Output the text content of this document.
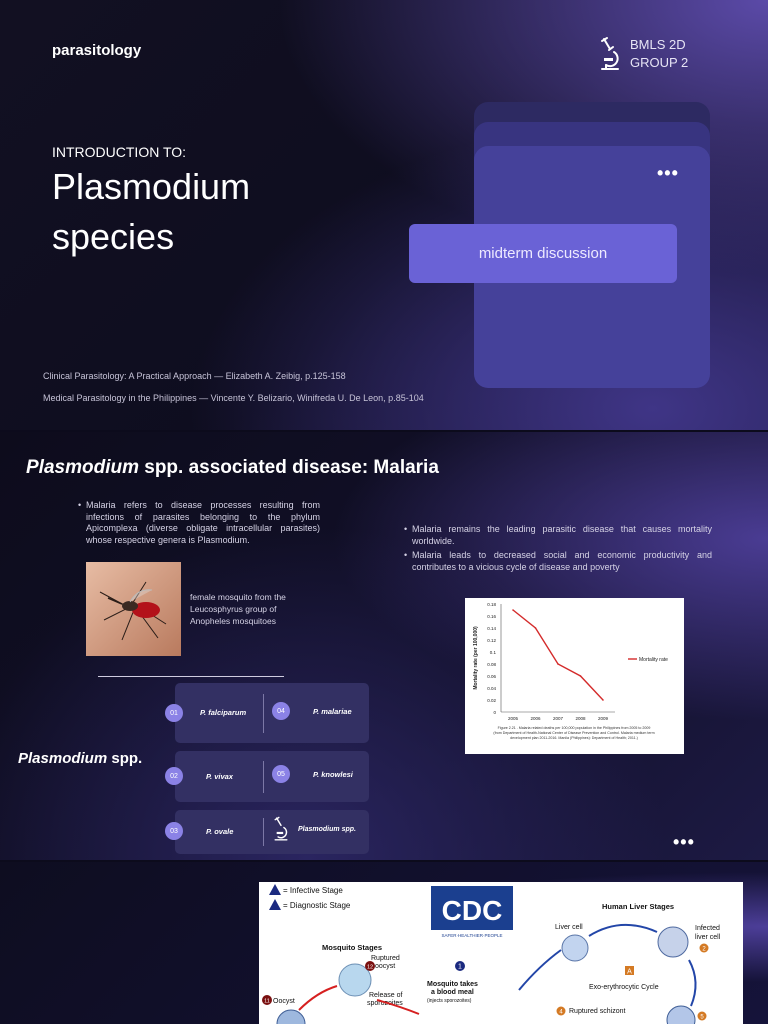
parasitology	BMLS 2D
GROUP 2
INTRODUCTION TO:
Plasmodium
species
•••
midterm discussion
Clinical Parasitology: A Practical Approach — Elizabeth A. Zeibig, p.125-158
Medical Parasitology in the Philippines — Vincente Y. Belizario, Winifreda U. De Leon, p.85-104
Plasmodium spp. associated disease: Malaria
• Malaria refers to disease processes resulting from infections of parasites belonging to the phylum Apicomplexa (diverse obligate intracellular parasites) whose respective genera is Plasmodium.
female mosquito from the
Leucosphyrus group of
Anopheles mosquitoes
• Malaria remains the leading parasitic disease that causes mortality worldwide.
• Malaria leads to decreased social and economic productivity and contributes to a vicious cycle of disease and poverty
0
0.02
0.04
0.06
0.08
0.1
0.12
0.14
0.16
0.18
2005	2006	2007	2008	2009
Mortality rate (per 100,000)	Mortality rate
Figure 2.21 . Malaria related deaths per 100,000 population in the Philippines from 2005 to 2009
(from Department of Health-National Center of Disease Prevention and Control. Malaria medium term
development plan 2011-2016. Manila (Philippines): Department of Health; 2011.)
Plasmodium spp.
01	P. falciparum	04	P. malariae
02	P. vivax	05	P. knowlesi
03	P. ovale	Plasmodium spp.
•••
= Infective Stage
= Diagnostic Stage	CDC
SAFER·HEALTHIER·PEOPLE
Human Liver Stages
Liver cell	Infected
liver cell
Mosquito Stages
Ruptured
oocyst
Release of
sporozoites
Mosquito takes
a blood meal
(injects sporozoites)
Exo-erythrocytic Cycle
Ruptured schizont
Oocyst
A
1
2
4
5
11
12
